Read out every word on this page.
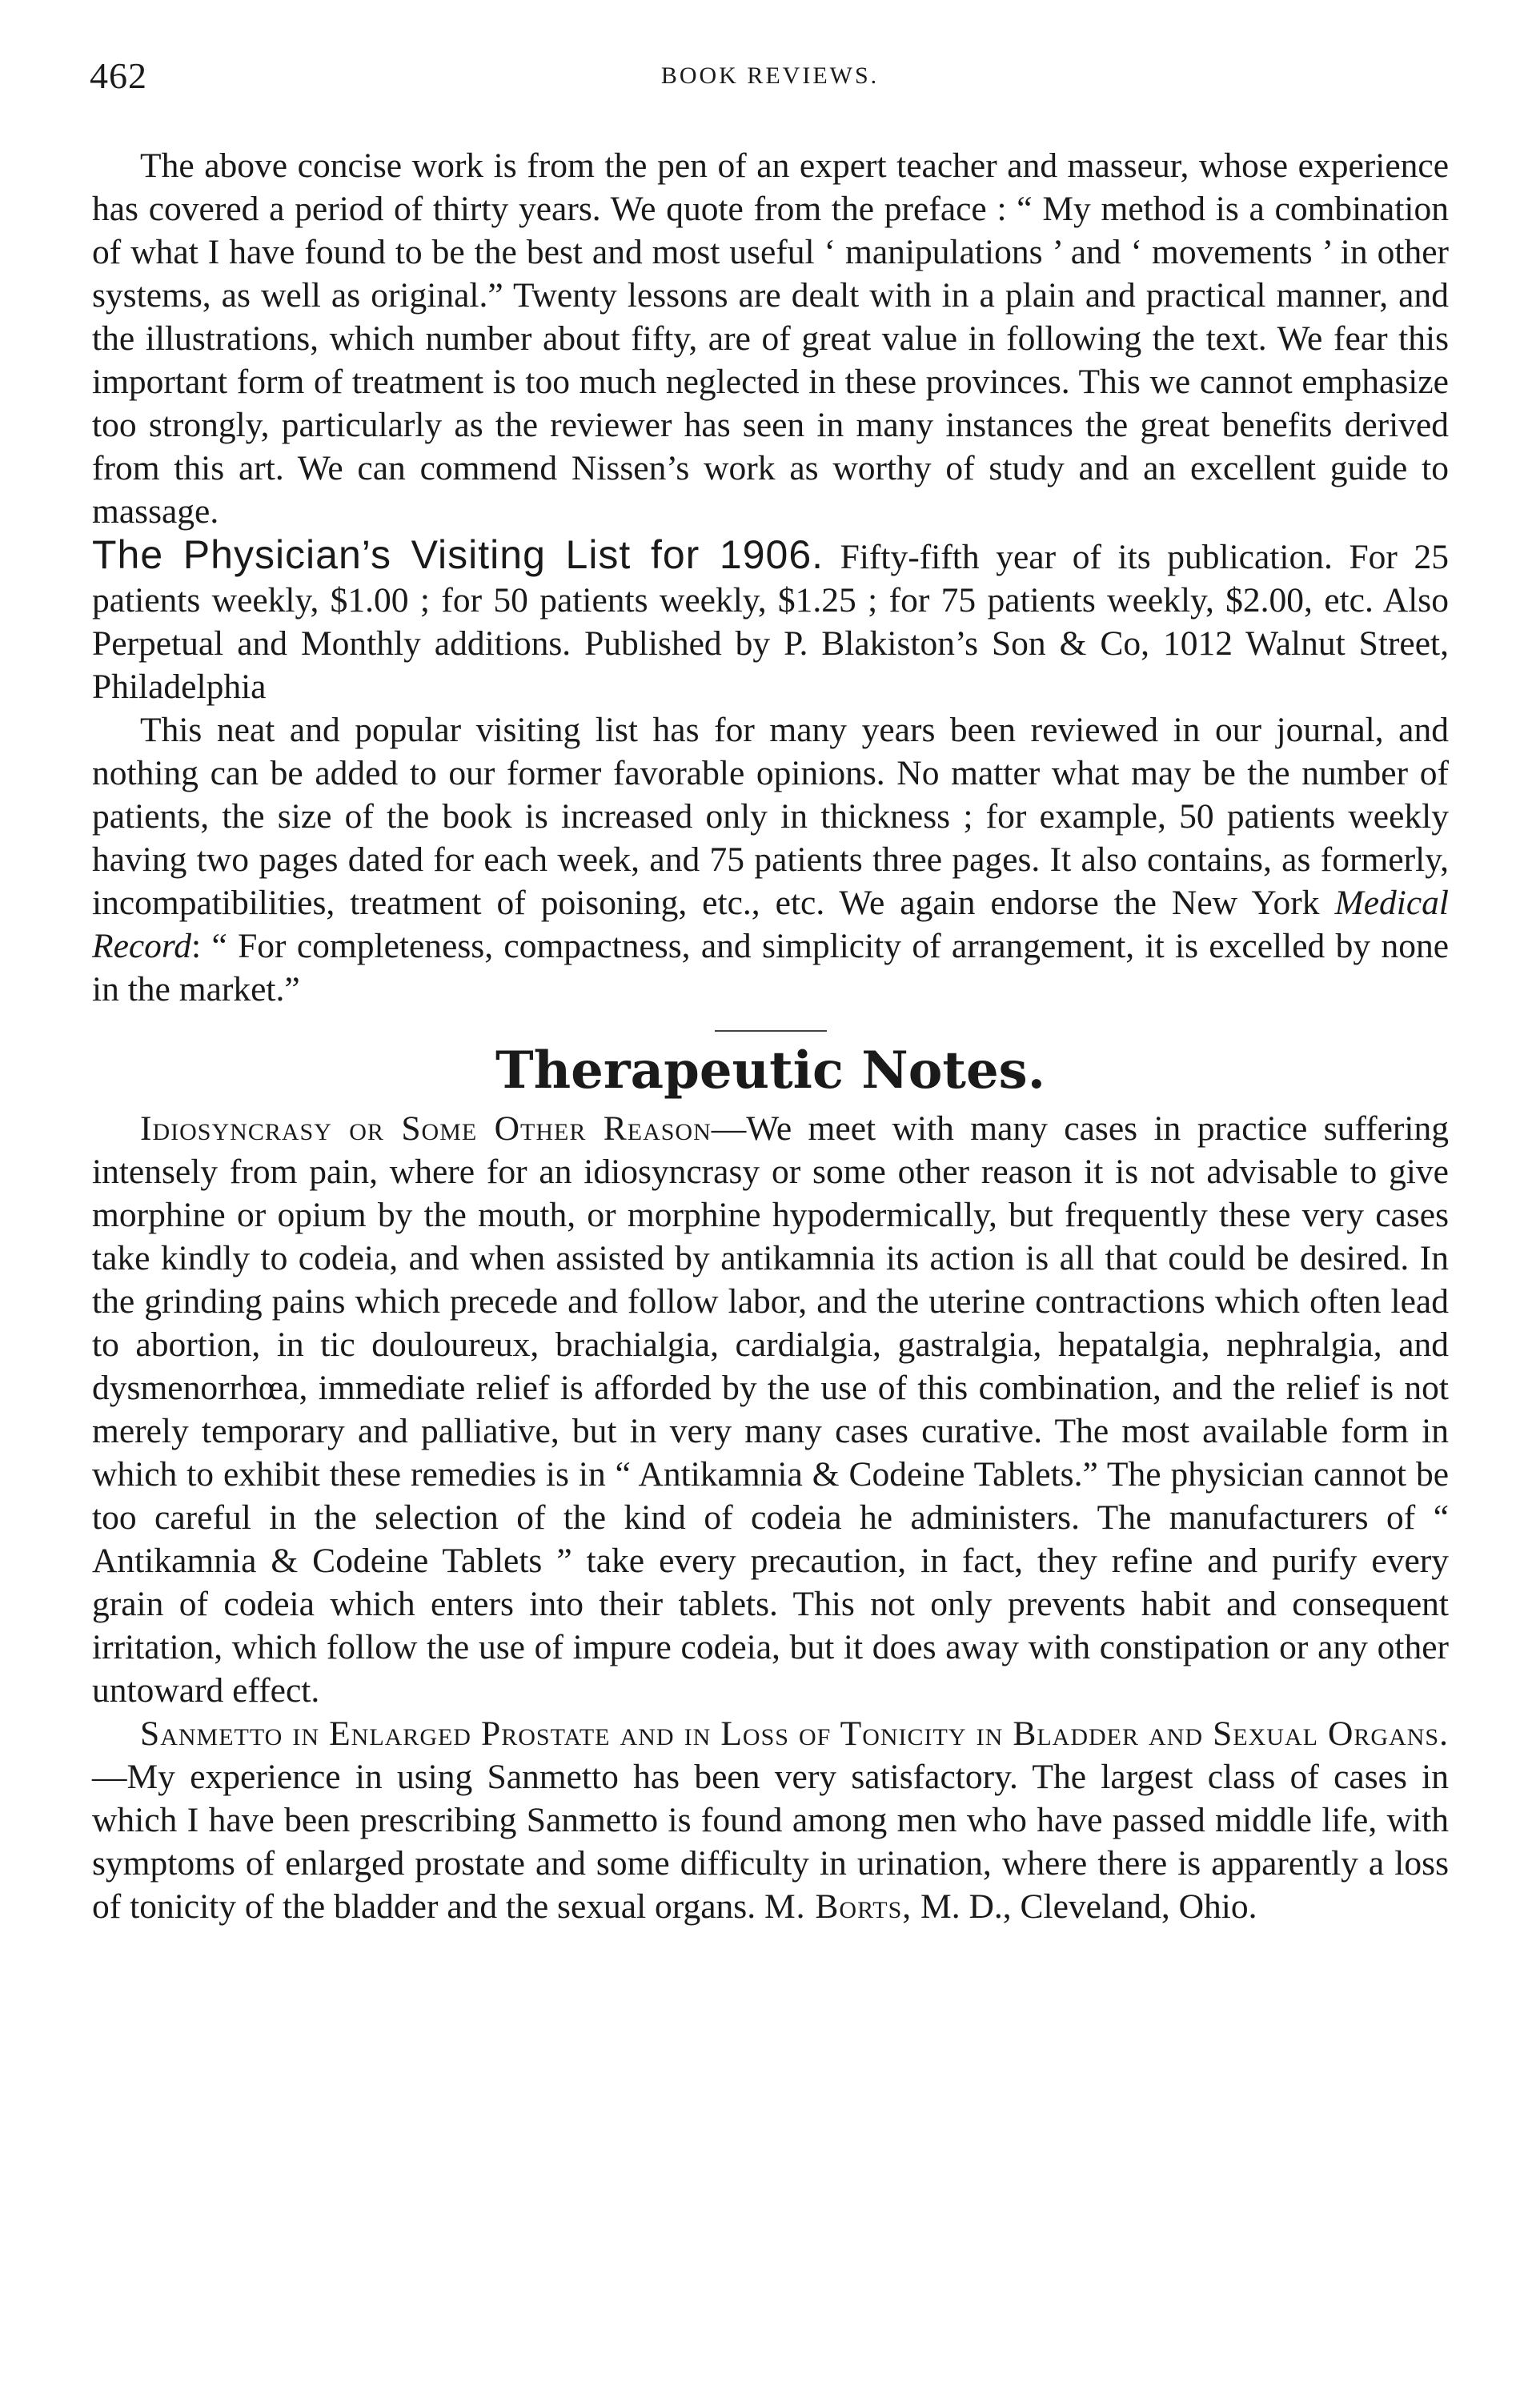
462	BOOK REVIEWS.

The above concise work is from the pen of an expert teacher and masseur, whose experience has covered a period of thirty years. We quote from the preface : “ My method is a combination of what I have found to be the best and most useful ‘ manipulations ’ and ‘ movements ’ in other systems, as well as original.” Twenty lessons are dealt with in a plain and practical manner, and the illustrations, which number about fifty, are of great value in following the text. We fear this important form of treatment is too much neglected in these provinces. This we cannot emphasize too strongly, particularly as the reviewer has seen in many instances the great benefits derived from this art. We can commend Nissen’s work as worthy of study and an excellent guide to massage.

The Physician’s Visiting List for 1906. Fifty-fifth year of its publication. For 25 patients weekly, $1.00 ; for 50 patients weekly, $1.25 ; for 75 patients weekly, $2.00, etc. Also Perpetual and Monthly additions. Published by P. Blakiston’s Son & Co, 1012 Walnut Street, Philadelphia

This neat and popular visiting list has for many years been reviewed in our journal, and nothing can be added to our former favorable opinions. No matter what may be the number of patients, the size of the book is increased only in thickness ; for example, 50 patients weekly having two pages dated for each week, and 75 patients three pages. It also contains, as formerly, incompatibilities, treatment of poisoning, etc., etc. We again endorse the New York Medical Record: “ For completeness, compactness, and simplicity of arrangement, it is excelled by none in the market.”

Therapeutic Notes.

Idiosyncrasy or Some Other Reason—We meet with many cases in practice suffering intensely from pain, where for an idiosyncrasy or some other reason it is not advisable to give morphine or opium by the mouth, or morphine hypodermically, but frequently these very cases take kindly to codeia, and when assisted by antikamnia its action is all that could be desired. In the grinding pains which precede and follow labor, and the uterine contractions which often lead to abortion, in tic douloureux, brachialgia, cardialgia, gastralgia, hepatalgia, nephralgia, and dysmenorrhœa, immediate relief is afforded by the use of this combination, and the relief is not merely temporary and palliative, but in very many cases curative. The most available form in which to exhibit these remedies is in “ Antikamnia & Codeine Tablets.” The physician cannot be too careful in the selection of the kind of codeia he administers. The manufacturers of “ Antikamnia & Codeine Tablets ” take every precaution, in fact, they refine and purify every grain of codeia which enters into their tablets. This not only prevents habit and consequent irritation, which follow the use of impure codeia, but it does away with constipation or any other untoward effect.

Sanmetto in Enlarged Prostate and in Loss of Tonicity in Bladder and Sexual Organs.—My experience in using Sanmetto has been very satisfactory. The largest class of cases in which I have been prescribing Sanmetto is found among men who have passed middle life, with symptoms of enlarged prostate and some difficulty in urination, where there is apparently a loss of tonicity of the bladder and the sexual organs. M. Borts, M. D., Cleveland, Ohio.
